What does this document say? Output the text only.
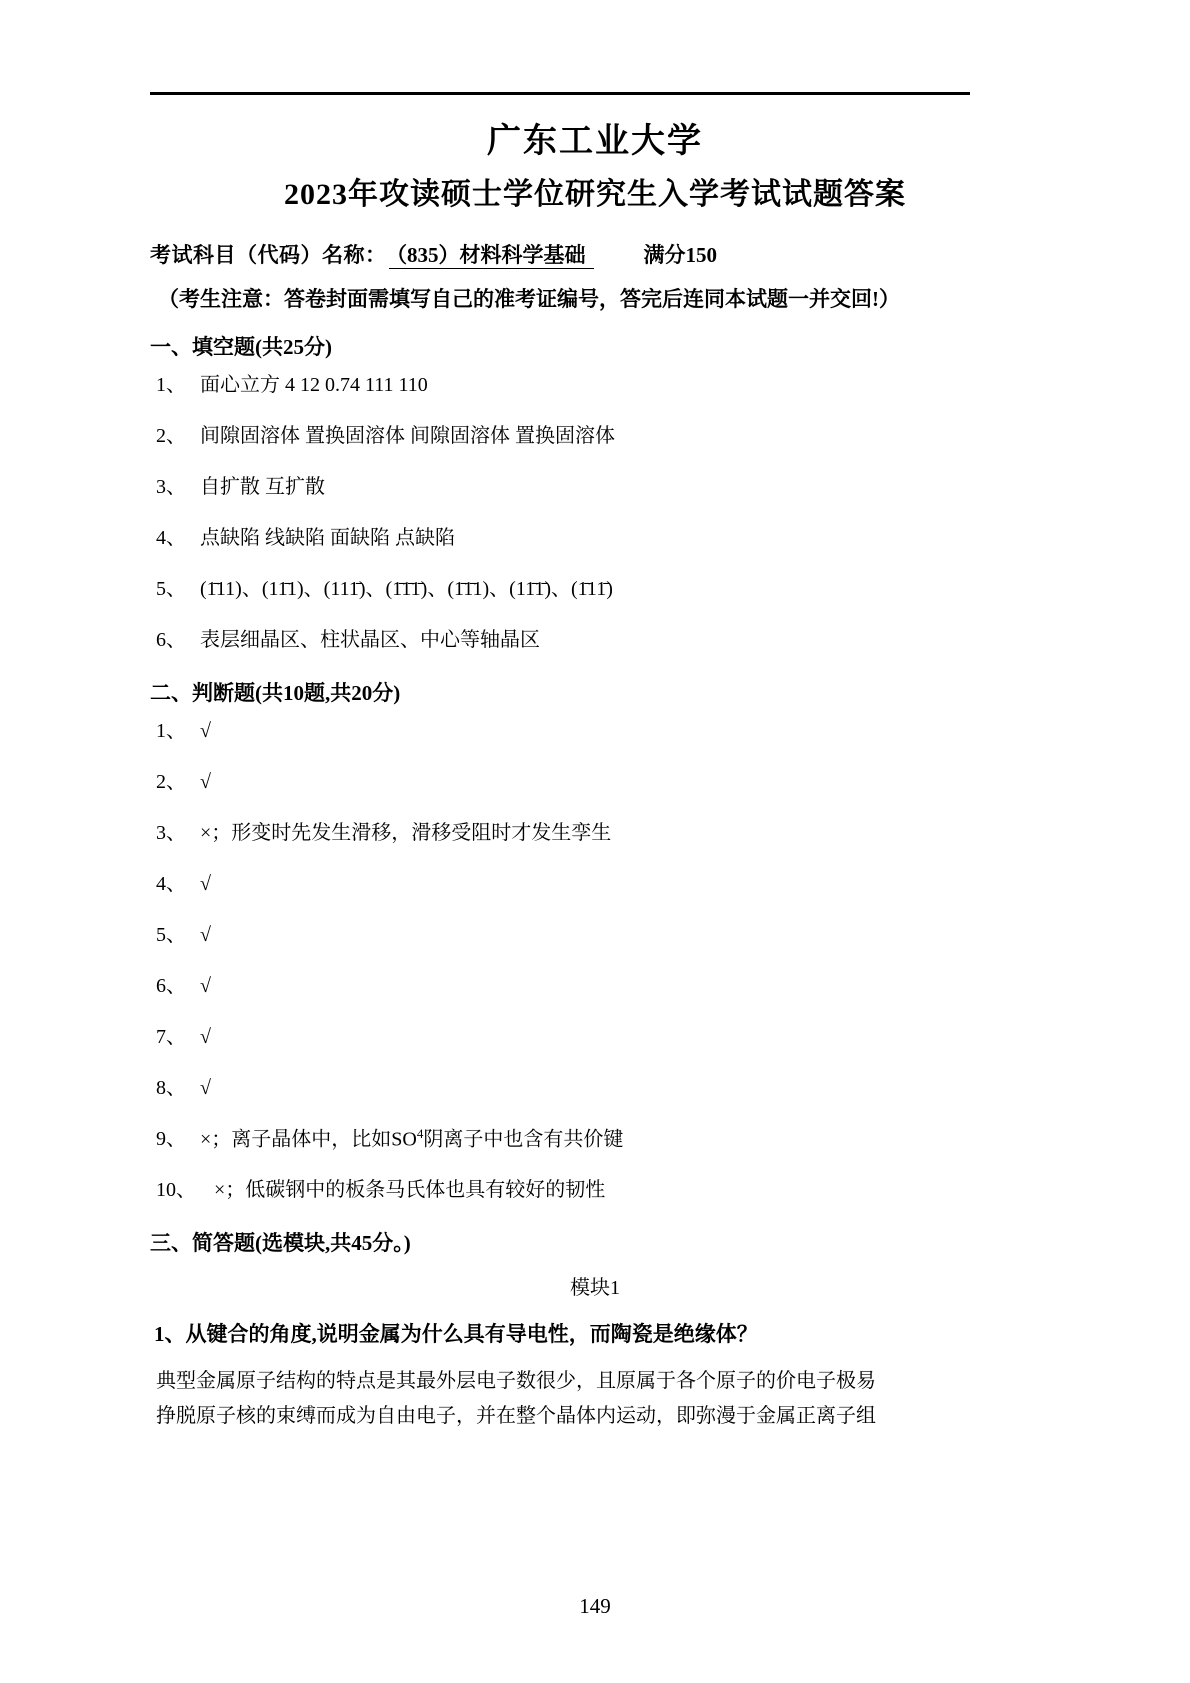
广东工业大学
2023年攻读硕士学位研究生入学考试试题答案
考试科目（代码）名称： （835）材料科学基础	满分150
（考生注意：答卷封面需填写自己的准考证编号，答完后连同本试题一并交回!）
一、填空题(共25分)
1、 面心立方 4 12 0.74 111 110
2、 间隙固溶体 置换固溶体 间隙固溶体 置换固溶体
3、 自扩散 互扩散
4、 点缺陷 线缺陷 面缺陷 点缺陷
5、 (1̄11)、(11̄1)、(111̄)、(1̄1̄1̄)、(1̄1̄1)、(11̄1̄)、(1̄11̄)
6、 表层细晶区、柱状晶区、中心等轴晶区
二、判断题(共10题,共20分)
1、 √
2、 √
3、 ×；形变时先发生滑移，滑移受阻时才发生孪生
4、 √
5、 √
6、 √
7、 √
8、 √
9、 ×；离子晶体中，比如$SO^4$阴离子中也含有共价键
10、 ×；低碳钢中的板条马氏体也具有较好的韧性
三、简答题(选模块,共45分。)
模块1
1、从键合的角度,说明金属为什么具有导电性，而陶瓷是绝缘体？
典型金属原子结构的特点是其最外层电子数很少，且原属于各个原子的价电子极易
挣脱原子核的束缚而成为自由电子，并在整个晶体内运动，即弥漫于金属正离子组
149
